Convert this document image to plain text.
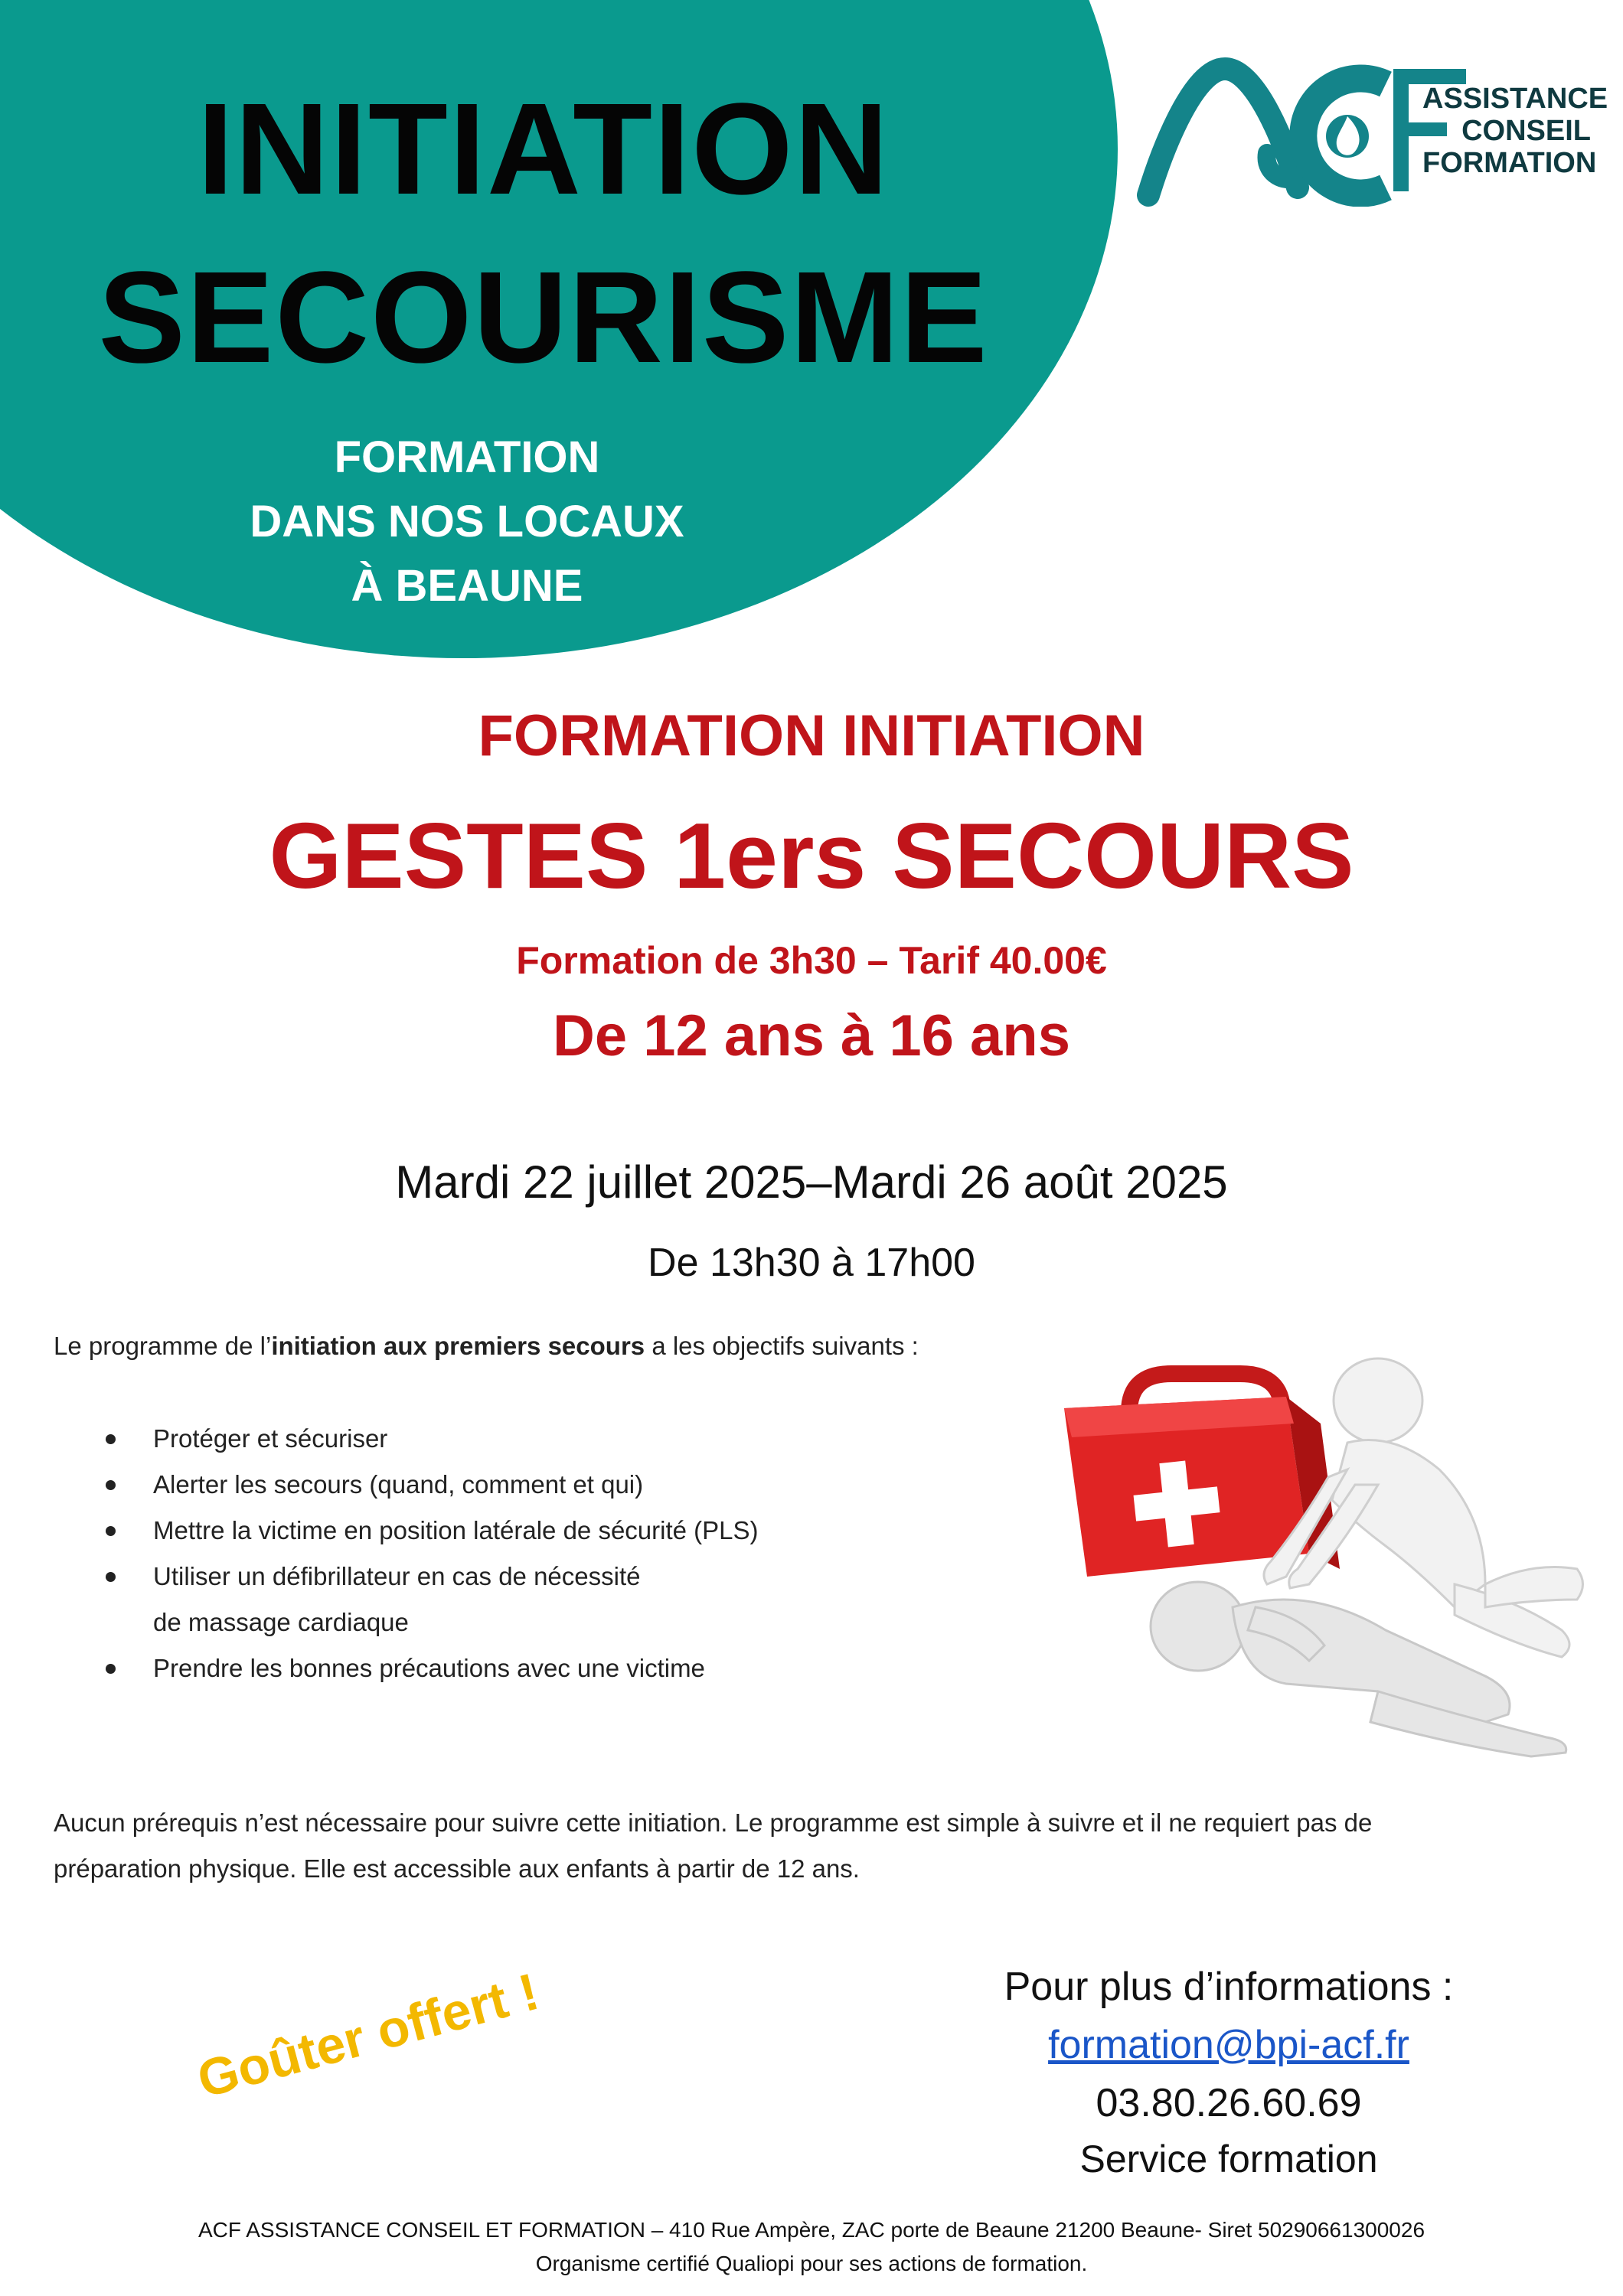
INITIATION
SECOURISME
FORMATION
DANS NOS LOCAUX
À BEAUNE
ASSISTANCE
CONSEIL
FORMATION
FORMATION INITIATION
GESTES 1ers SECOURS
Formation de 3h30 – Tarif 40.00€
De 12 ans à 16 ans
Mardi 22 juillet 2025–Mardi 26 août 2025
De 13h30 à 17h00
Le programme de l’initiation aux premiers secours a les objectifs suivants :
Protéger et sécuriser
Alerter les secours (quand, comment et qui)
Mettre la victime en position latérale de sécurité (PLS)
Utiliser un défibrillateur en cas de nécessité
de massage cardiaque
Prendre les bonnes précautions avec une victime
Aucun prérequis n’est nécessaire pour suivre cette initiation. Le programme est simple à suivre et il ne requiert pas de
préparation physique. Elle est accessible aux enfants à partir de 12 ans.
Goûter offert !	Pour plus d’informations :
formation@bpi-acf.fr
03.80.26.60.69
Service formation
ACF ASSISTANCE CONSEIL ET FORMATION – 410 Rue Ampère, ZAC porte de Beaune 21200 Beaune- Siret 50290661300026
Organisme certifié Qualiopi pour ses actions de formation.
